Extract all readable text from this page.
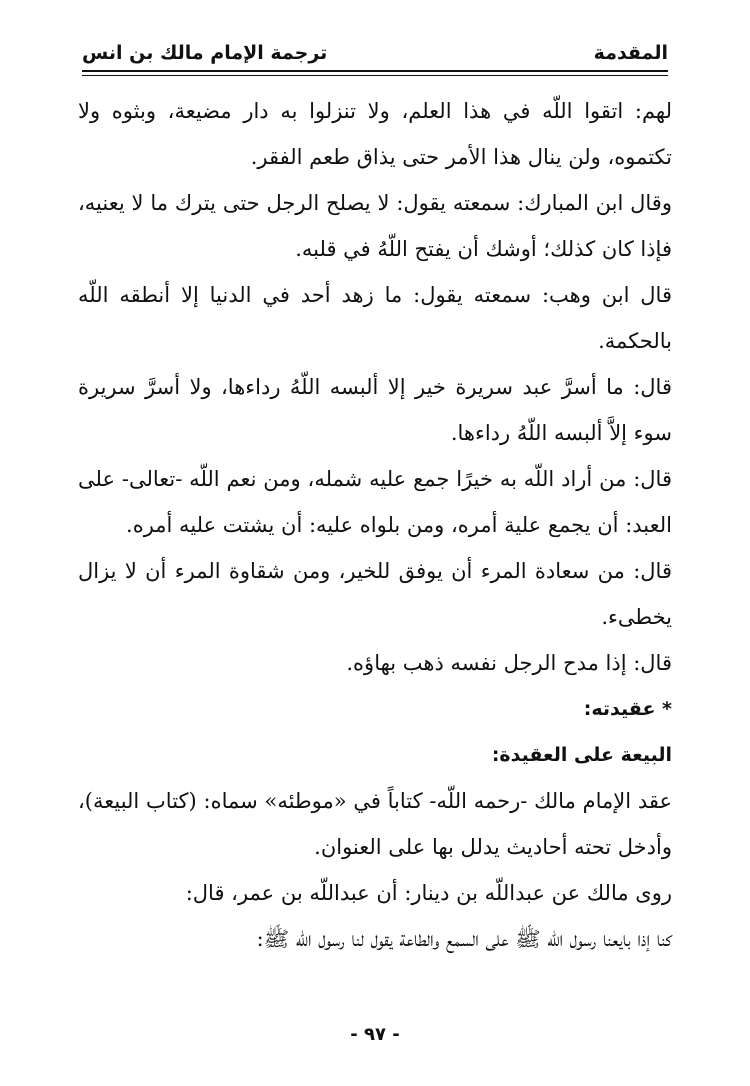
المقدمة
ترجمة الإمام مالك بن انس

لهم: اتقوا اللّه في هذا العلم، ولا تنزلوا به دار مضيعة، وبثوه ولا تكتموه، ولن ينال هذا الأمر حتى يذاق طعم الفقر.

وقال ابن المبارك: سمعته يقول: لا يصلح الرجل حتى يترك ما لا يعنيه، فإذا كان كذلك؛ أوشك أن يفتح اللّهُ في قلبه.

قال ابن وهب: سمعته يقول: ما زهد أحد في الدنيا إلا أنطقه اللّه بالحكمة.

قال: ما أسرَّ عبد سريرة خير إلا ألبسه اللّهُ رداءها، ولا أسرَّ سريرة سوء إلاَّ ألبسه اللّهُ رداءها.

قال: من أراد اللّه به خيرًا جمع عليه شمله، ومن نعم اللّه -تعالى- على العبد: أن يجمع علية أمره، ومن بلواه عليه: أن يشتت عليه أمره.

قال: من سعادة المرء أن يوفق للخير، ومن شقاوة المرء أن لا يزال يخطىء.

قال: إذا مدح الرجل نفسه ذهب بهاؤه.

* عقيدته:

البيعة على العقيدة:

عقد الإمام مالك -رحمه اللّه- كتاباً في «موطئه» سماه: (كتاب البيعة)، وأدخل تحته أحاديث يدلل بها على العنوان.

روى مالك عن عبداللّه بن دينار: أن عبداللّه بن عمر، قال:

كنا إذا بايعنا رسول اللّه ﷺ على السمع والطاعة يقول لنا رسول اللّه ﷺ:

- ٩٧ -
